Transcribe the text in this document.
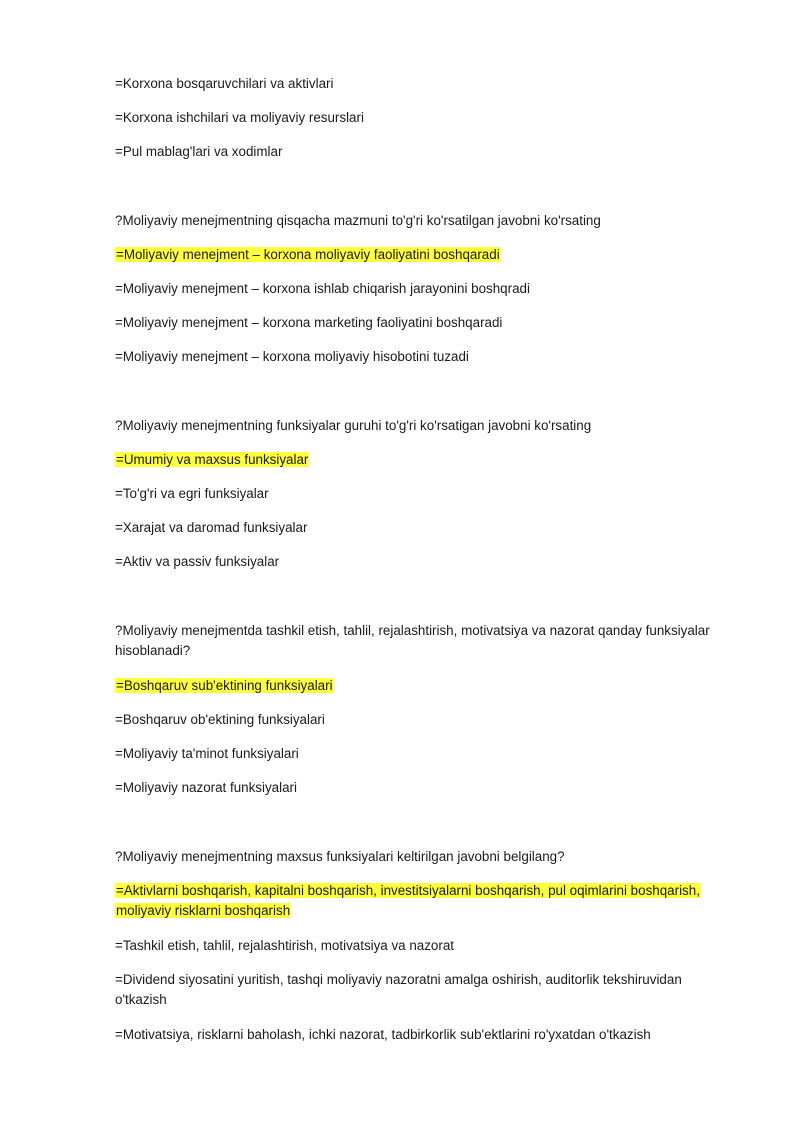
=Korxona bosqaruvchilari va aktivlari
=Korxona ishchilari va moliyaviy resurslari
=Pul mablag'lari va xodimlar
?Moliyaviy menejmentning qisqacha mazmuni to'g'ri ko'rsatilgan javobni ko'rsating
=Moliyaviy menejment – korxona moliyaviy faoliyatini boshqaradi
=Moliyaviy menejment – korxona ishlab chiqarish jarayonini boshqradi
=Moliyaviy menejment – korxona marketing faoliyatini boshqaradi
=Moliyaviy menejment – korxona moliyaviy hisobotini tuzadi
?Moliyaviy menejmentning funksiyalar guruhi to'g'ri ko'rsatigan javobni ko'rsating
=Umumiy va maxsus funksiyalar
=To'g'ri va egri funksiyalar
=Xarajat va daromad funksiyalar
=Aktiv va passiv funksiyalar
?Moliyaviy menejmentda tashkil etish, tahlil, rejalashtirish, motivatsiya va nazorat qanday funksiyalar hisoblanadi?
=Boshqaruv sub'ektining funksiyalari
=Boshqaruv ob'ektining funksiyalari
=Moliyaviy ta'minot funksiyalari
=Moliyaviy nazorat funksiyalari
?Moliyaviy menejmentning maxsus funksiyalari keltirilgan javobni belgilang?
=Aktivlarni boshqarish, kapitalni boshqarish, investitsiyalarni boshqarish, pul oqimlarini boshqarish, moliyaviy risklarni boshqarish
=Tashkil etish, tahlil, rejalashtirish, motivatsiya va nazorat
=Dividend siyosatini yuritish, tashqi moliyaviy nazoratni amalga oshirish, auditorlik tekshiruvidan o'tkazish
=Motivatsiya, risklarni baholash, ichki nazorat, tadbirkorlik sub'ektlarini ro'yxatdan o'tkazish
